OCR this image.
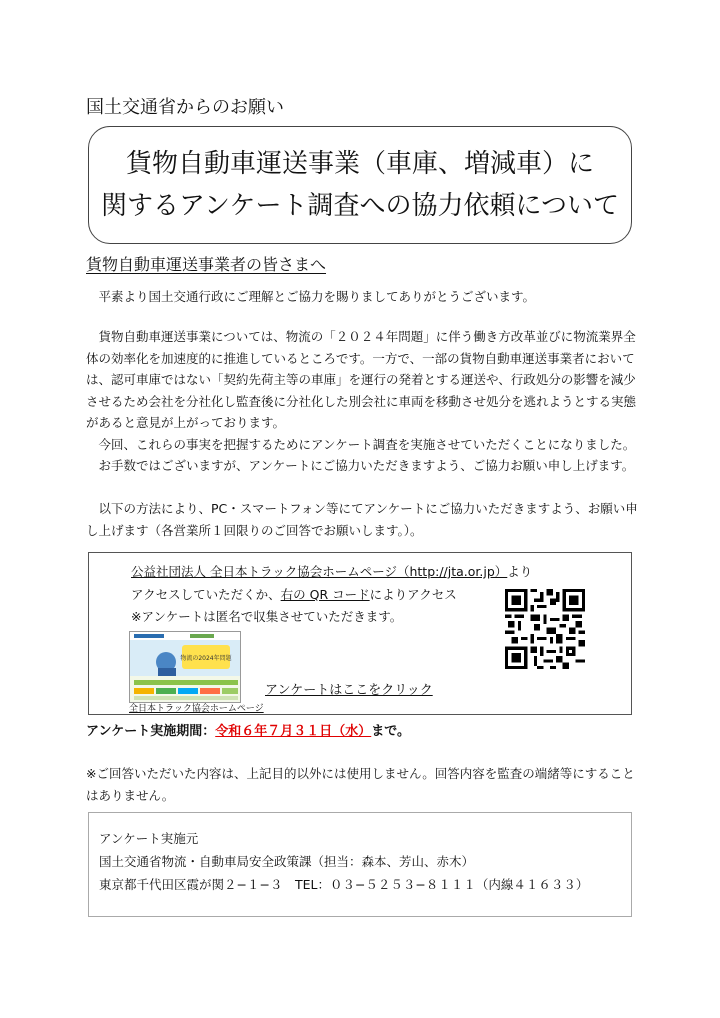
国土交通省からのお願い
貨物自動車運送事業（車庫、増減車）に
関するアンケート調査への協力依頼について
貨物自動車運送事業者の皆さまへ

平素より国土交通行政にご理解とご協力を賜りましてありがとうございます。

貨物自動車運送事業については、物流の「２０２４年問題」に伴う働き方改革並びに物流業界全体の効率化を加速度的に推進しているところです。一方で、一部の貨物自動車運送事業者においては、認可車庫ではない「契約先荷主等の車庫」を運行の発着とする運送や、行政処分の影響を減少させるため会社を分社化し監査後に分社化した別会社に車両を移動させ処分を逃れようとする実態があると意見が上がっております。

今回、これらの事実を把握するためにアンケート調査を実施させていただくことになりました。

お手数ではございますが、アンケートにご協力いただきますよう、ご協力お願い申し上げます。

以下の方法により、PC・スマートフォン等にてアンケートにご協力いただきますよう、お願い申し上げます（各営業所１回限りのご回答でお願いします。）。

公益社団法人 全日本トラック協会ホームページ（http://jta.or.jp）より
アクセスしていただくか、右の QR コードによりアクセス
※アンケートは匿名で収集させていただきます。
物流の2024年問題
全日本トラック協会ホームページ
アンケートはここをクリック
アンケート実施期間：令和６年７月３１日（水）まで。
※ご回答いただいた内容は、上記目的以外には使用しません。回答内容を監査の端緒等にすることはありません。
アンケート実施元
国土交通省物流・自動車局安全政策課（担当：森本、芳山、赤木）
東京都千代田区霞が関２−１−３　TEL：０３−５２５３−８１１１（内線４１６３３）
